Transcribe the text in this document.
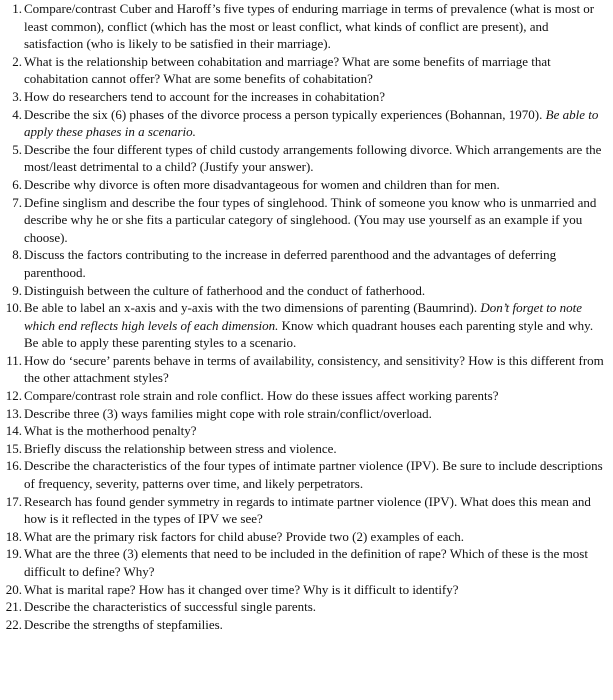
1. Compare/contrast Cuber and Haroff’s five types of enduring marriage in terms of prevalence (what is most or least common), conflict (which has the most or least conflict, what kinds of conflict are present), and satisfaction (who is likely to be satisfied in their marriage).
2. What is the relationship between cohabitation and marriage? What are some benefits of marriage that cohabitation cannot offer? What are some benefits of cohabitation?
3. How do researchers tend to account for the increases in cohabitation?
4. Describe the six (6) phases of the divorce process a person typically experiences (Bohannan, 1970). Be able to apply these phases in a scenario.
5. Describe the four different types of child custody arrangements following divorce. Which arrangements are the most/least detrimental to a child? (Justify your answer).
6. Describe why divorce is often more disadvantageous for women and children than for men.
7. Define singlism and describe the four types of singlehood. Think of someone you know who is unmarried and describe why he or she fits a particular category of singlehood. (You may use yourself as an example if you choose).
8. Discuss the factors contributing to the increase in deferred parenthood and the advantages of deferring parenthood.
9. Distinguish between the culture of fatherhood and the conduct of fatherhood.
10. Be able to label an x-axis and y-axis with the two dimensions of parenting (Baumrind). Don’t forget to note which end reflects high levels of each dimension. Know which quadrant houses each parenting style and why. Be able to apply these parenting styles to a scenario.
11. How do ‘secure’ parents behave in terms of availability, consistency, and sensitivity? How is this different from the other attachment styles?
12. Compare/contrast role strain and role conflict. How do these issues affect working parents?
13. Describe three (3) ways families might cope with role strain/conflict/overload.
14. What is the motherhood penalty?
15. Briefly discuss the relationship between stress and violence.
16. Describe the characteristics of the four types of intimate partner violence (IPV). Be sure to include descriptions of frequency, severity, patterns over time, and likely perpetrators.
17. Research has found gender symmetry in regards to intimate partner violence (IPV). What does this mean and how is it reflected in the types of IPV we see?
18. What are the primary risk factors for child abuse? Provide two (2) examples of each.
19. What are the three (3) elements that need to be included in the definition of rape? Which of these is the most difficult to define? Why?
20. What is marital rape? How has it changed over time? Why is it difficult to identify?
21. Describe the characteristics of successful single parents.
22. Describe the strengths of stepfamilies.
